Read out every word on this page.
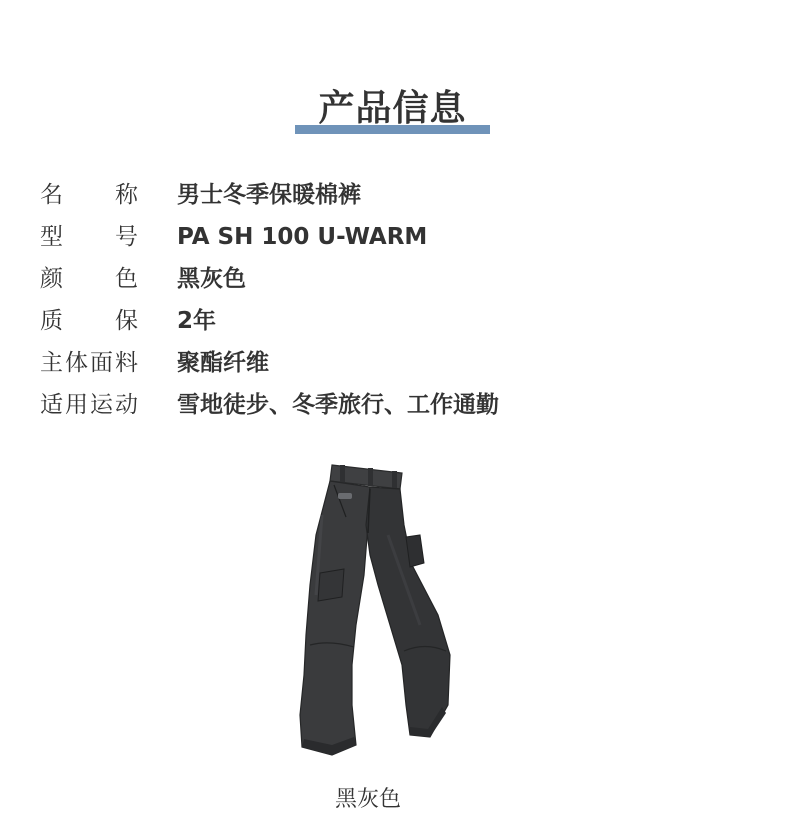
产品信息
名 称 男士冬季保暖棉裤
型 号 PA SH 100 U-WARM
颜 色 黑灰色
质 保 2年
主体面料 聚酯纤维
适用运动 雪地徒步、冬季旅行、工作通勤
黑灰色
